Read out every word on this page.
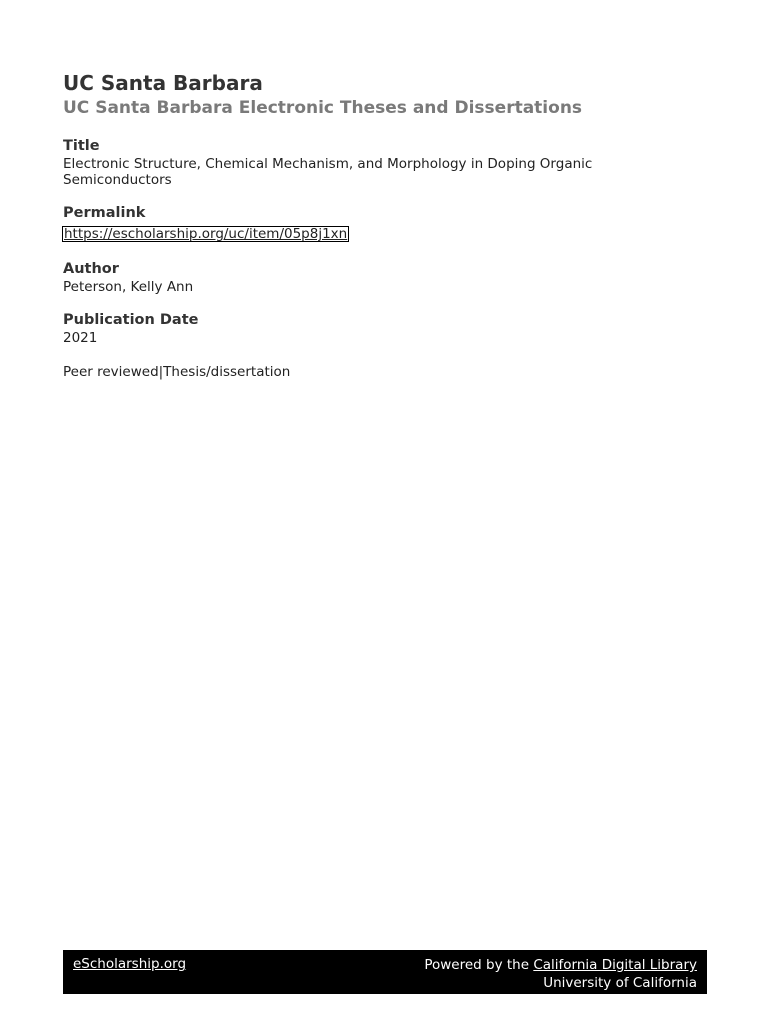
UC Santa Barbara

UC Santa Barbara Electronic Theses and Dissertations

Title

Electronic Structure, Chemical Mechanism, and Morphology in Doping Organic Semiconductors

Permalink

https://escholarship.org/uc/item/05p8j1xn

Author

Peterson, Kelly Ann

Publication Date

2021

Peer reviewed|Thesis/dissertation

eScholarship.org	Powered by the California Digital Library
University of California
